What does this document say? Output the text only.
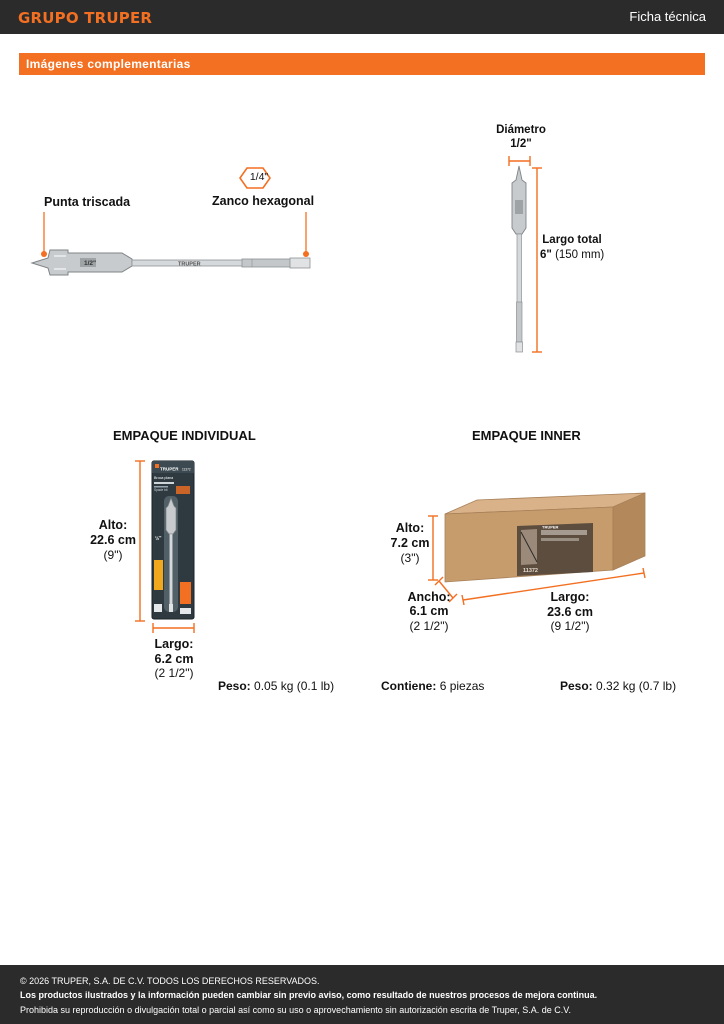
GRUPO TRUPER	Ficha técnica
Imágenes complementarias
TRUPER
1/2"
1/4"
Punta triscada	Zanco hexagonal
Diámetro
1/2"
Largo total
6" (150 mm)
EMPAQUE INDIVIDUAL
TRUPER
Broca plana
Spade bit
½"
11372
Alto:
22.6 cm
(9")
Largo:
6.2 cm
(2 1/2")
Peso: 0.05 kg (0.1 lb)
EMPAQUE INNER
TRUPER
11372
Alto:
7.2 cm
(3")
Ancho:
6.1 cm
(2 1/2")
Largo:
23.6 cm
(9 1/2")
Contiene: 6 piezas	Peso: 0.32 kg (0.7 lb)
© 2026 TRUPER, S.A. DE C.V. TODOS LOS DERECHOS RESERVADOS.
Los productos ilustrados y la información pueden cambiar sin previo aviso, como resultado de nuestros procesos de mejora continua.
Prohibida su reproducción o divulgación total o parcial así como su uso o aprovechamiento sin autorización escrita de Truper, S.A. de C.V.
